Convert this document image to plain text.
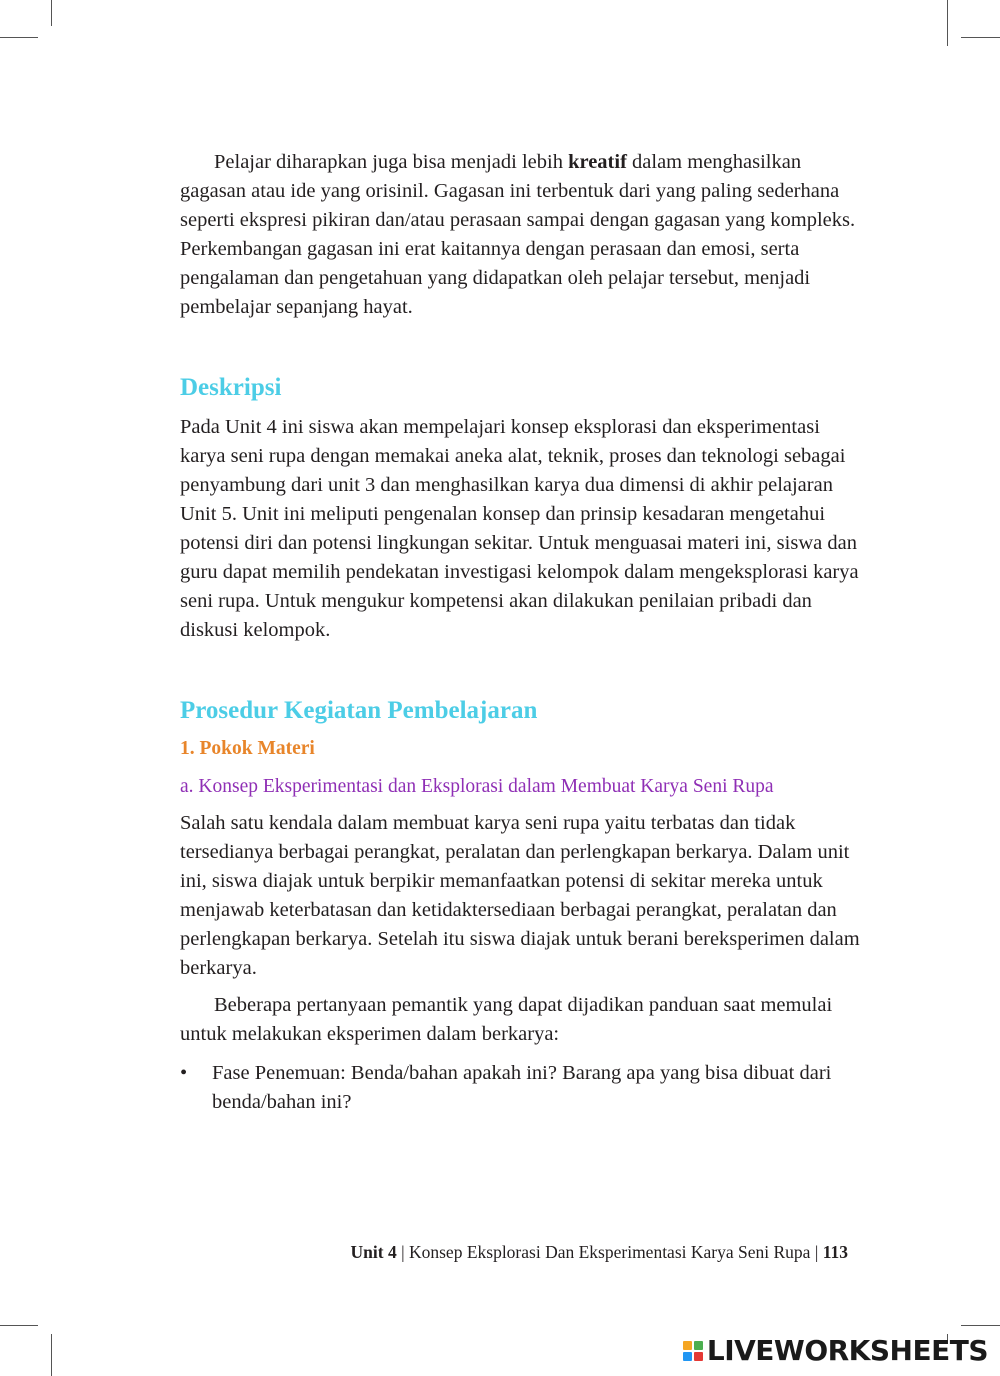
Pelajar diharapkan juga bisa menjadi lebih kreatif dalam menghasilkan gagasan atau ide yang orisinil. Gagasan ini terbentuk dari yang paling sederhana seperti ekspresi pikiran dan/atau perasaan sampai dengan gagasan yang kompleks. Perkembangan gagasan ini erat kaitannya dengan perasaan dan emosi, serta pengalaman dan pengetahuan yang didapatkan oleh pelajar tersebut, menjadi pembelajar sepanjang hayat.

Deskripsi

Pada Unit 4 ini siswa akan mempelajari konsep eksplorasi dan eksperimentasi karya seni rupa dengan memakai aneka alat, teknik, proses dan teknologi sebagai penyambung dari unit 3 dan menghasilkan karya dua dimensi di akhir pelajaran Unit 5. Unit ini meliputi pengenalan konsep dan prinsip kesadaran mengetahui potensi diri dan potensi lingkungan sekitar. Untuk menguasai materi ini, siswa dan guru dapat memilih pendekatan investigasi kelompok dalam mengeksplorasi karya seni rupa. Untuk mengukur kompetensi akan dilakukan penilaian pribadi dan diskusi kelompok.

Prosedur Kegiatan Pembelajaran
1. Pokok Materi
a. Konsep Eksperimentasi dan Eksplorasi dalam Membuat Karya Seni Rupa

Salah satu kendala dalam membuat karya seni rupa yaitu terbatas dan tidak tersedianya berbagai perangkat, peralatan dan perlengkapan berkarya. Dalam unit ini, siswa diajak untuk berpikir memanfaatkan potensi di sekitar mereka untuk menjawab keterbatasan dan ketidaktersediaan berbagai perangkat, peralatan dan perlengkapan berkarya. Setelah itu siswa diajak untuk berani bereksperimen dalam berkarya.

Beberapa pertanyaan pemantik yang dapat dijadikan panduan saat memulai untuk melakukan eksperimen dalam berkarya:

•	Fase Penemuan: Benda/bahan apakah ini? Barang apa yang bisa dibuat dari benda/bahan ini?

Unit 4 | Konsep Eksplorasi Dan Eksperimentasi Karya Seni Rupa | 113
LIVEWORKSHEETS
